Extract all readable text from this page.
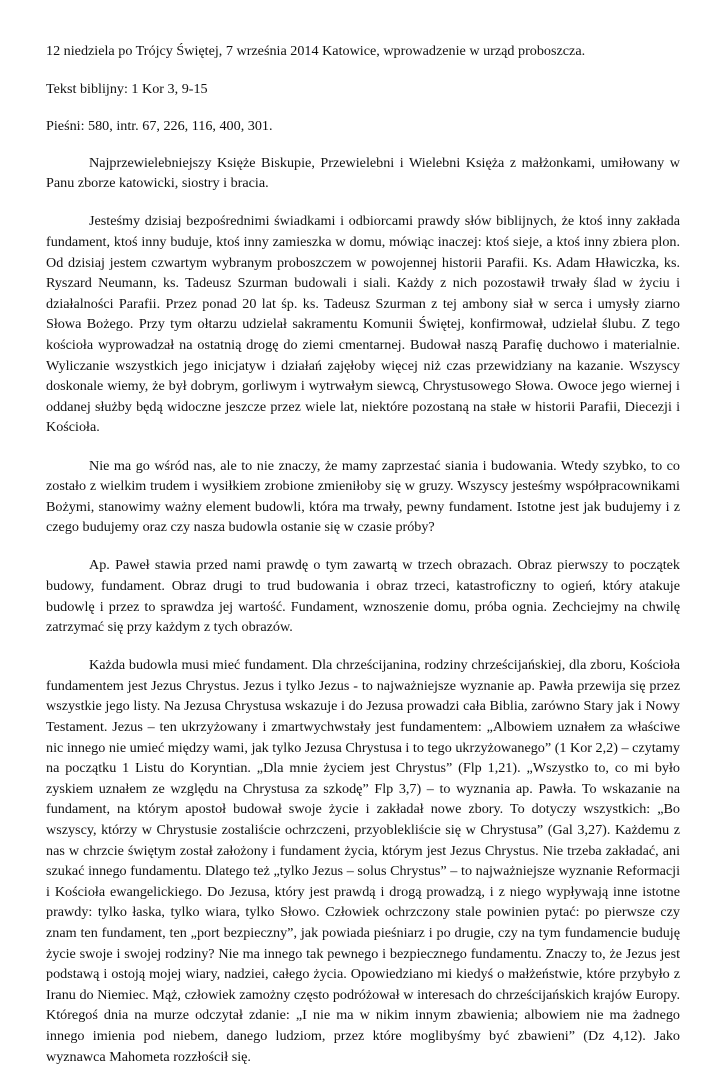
12 niedziela po Trójcy Świętej, 7 września 2014 Katowice, wprowadzenie w urząd proboszcza.

Tekst biblijny: 1 Kor 3, 9-15

Pieśni: 580, intr. 67, 226, 116, 400, 301.

Najprzewielebniejszy Księże Biskupie, Przewielebni i Wielebni Księża z małżonkami, umiłowany w Panu zborze katowicki, siostry i bracia.

Jesteśmy dzisiaj bezpośrednimi świadkami i odbiorcami prawdy słów biblijnych, że ktoś inny zakłada fundament, ktoś inny buduje, ktoś inny zamieszka w domu, mówiąc inaczej: ktoś sieje, a ktoś inny zbiera plon. Od dzisiaj jestem czwartym wybranym proboszczem w powojennej historii Parafii. Ks. Adam Hławiczka, ks. Ryszard Neumann, ks. Tadeusz Szurman budowali i siali. Każdy z nich pozostawił trwały ślad w życiu i działalności Parafii. Przez ponad 20 lat śp. ks. Tadeusz Szurman z tej ambony siał w serca i umysły ziarno Słowa Bożego. Przy tym ołtarzu udzielał sakramentu Komunii Świętej, konfirmował, udzielał ślubu. Z tego kościoła wyprowadzał na ostatnią drogę do ziemi cmentarnej. Budował naszą Parafię duchowo i materialnie. Wyliczanie wszystkich jego inicjatyw i działań zajęłoby więcej niż czas przewidziany na kazanie. Wszyscy doskonale wiemy, że był dobrym, gorliwym i wytrwałym siewcą, Chrystusowego Słowa. Owoce jego wiernej i oddanej służby będą widoczne jeszcze przez wiele lat, niektóre pozostaną na stałe w historii Parafii, Diecezji i Kościoła.

Nie ma go wśród nas, ale to nie znaczy, że mamy zaprzestać siania i budowania. Wtedy szybko, to co zostało z wielkim trudem i wysiłkiem zrobione zmieniłoby się w gruzy. Wszyscy jesteśmy współpracownikami Bożymi, stanowimy ważny element budowli, która ma trwały, pewny fundament. Istotne jest jak budujemy i z czego budujemy oraz czy nasza budowla ostanie się w czasie próby?

Ap. Paweł stawia przed nami prawdę o tym zawartą w trzech obrazach. Obraz pierwszy to początek budowy, fundament. Obraz drugi to trud budowania i obraz trzeci, katastroficzny to ogień, który atakuje budowlę i przez to sprawdza jej wartość. Fundament, wznoszenie domu, próba ognia. Zechciejmy na chwilę zatrzymać się przy każdym z tych obrazów.

Każda budowla musi mieć fundament. Dla chrześcijanina, rodziny chrześcijańskiej, dla zboru, Kościoła fundamentem jest Jezus Chrystus. Jezus i tylko Jezus - to najważniejsze wyznanie ap. Pawła przewija się przez wszystkie jego listy. Na Jezusa Chrystusa wskazuje i do Jezusa prowadzi cała Biblia, zarówno Stary jak i Nowy Testament. Jezus – ten ukrzyżowany i zmartwychwstały jest fundamentem: „Albowiem uznałem za właściwe nic innego nie umieć między wami, jak tylko Jezusa Chrystusa i to tego ukrzyżowanego” (1 Kor 2,2) – czytamy na początku 1 Listu do Koryntian. „Dla mnie życiem jest Chrystus” (Flp 1,21). „Wszystko to, co mi było zyskiem uznałem ze względu na Chrystusa za szkodę” Flp 3,7) – to wyznania ap. Pawła. To wskazanie na fundament, na którym apostoł budował swoje życie i zakładał nowe zbory. To dotyczy wszystkich: „Bo wszyscy, którzy w Chrystusie zostaliście ochrzczeni, przyoblekliście się w Chrystusa” (Gal 3,27). Każdemu z nas w chrzcie świętym został założony i fundament życia, którym jest Jezus Chrystus. Nie trzeba zakładać, ani szukać innego fundamentu. Dlatego też „tylko Jezus – solus Chrystus” – to najważniejsze wyznanie Reformacji i Kościoła ewangelickiego. Do Jezusa, który jest prawdą i drogą prowadzą, i z niego wypływają inne istotne prawdy: tylko łaska, tylko wiara, tylko Słowo. Człowiek ochrzczony stale powinien pytać: po pierwsze czy znam ten fundament, ten „port bezpieczny”, jak powiada pieśniarz i po drugie, czy na tym fundamencie buduję życie swoje i swojej rodziny? Nie ma innego tak pewnego i bezpiecznego fundamentu. Znaczy to, że Jezus jest podstawą i ostoją mojej wiary, nadziei, całego życia. Opowiedziano mi kiedyś o małżeństwie, które przybyło z Iranu do Niemiec. Mąż, człowiek zamożny często podróżował w interesach do chrześcijańskich krajów Europy. Któregoś dnia na murze odczytał zdanie: „I nie ma w nikim innym zbawienia; albowiem nie ma żadnego innego imienia pod niebem, danego ludziom, przez które moglibyśmy być zbawieni” (Dz 4,12). Jako wyznawca Mahometa rozzłościł się.
